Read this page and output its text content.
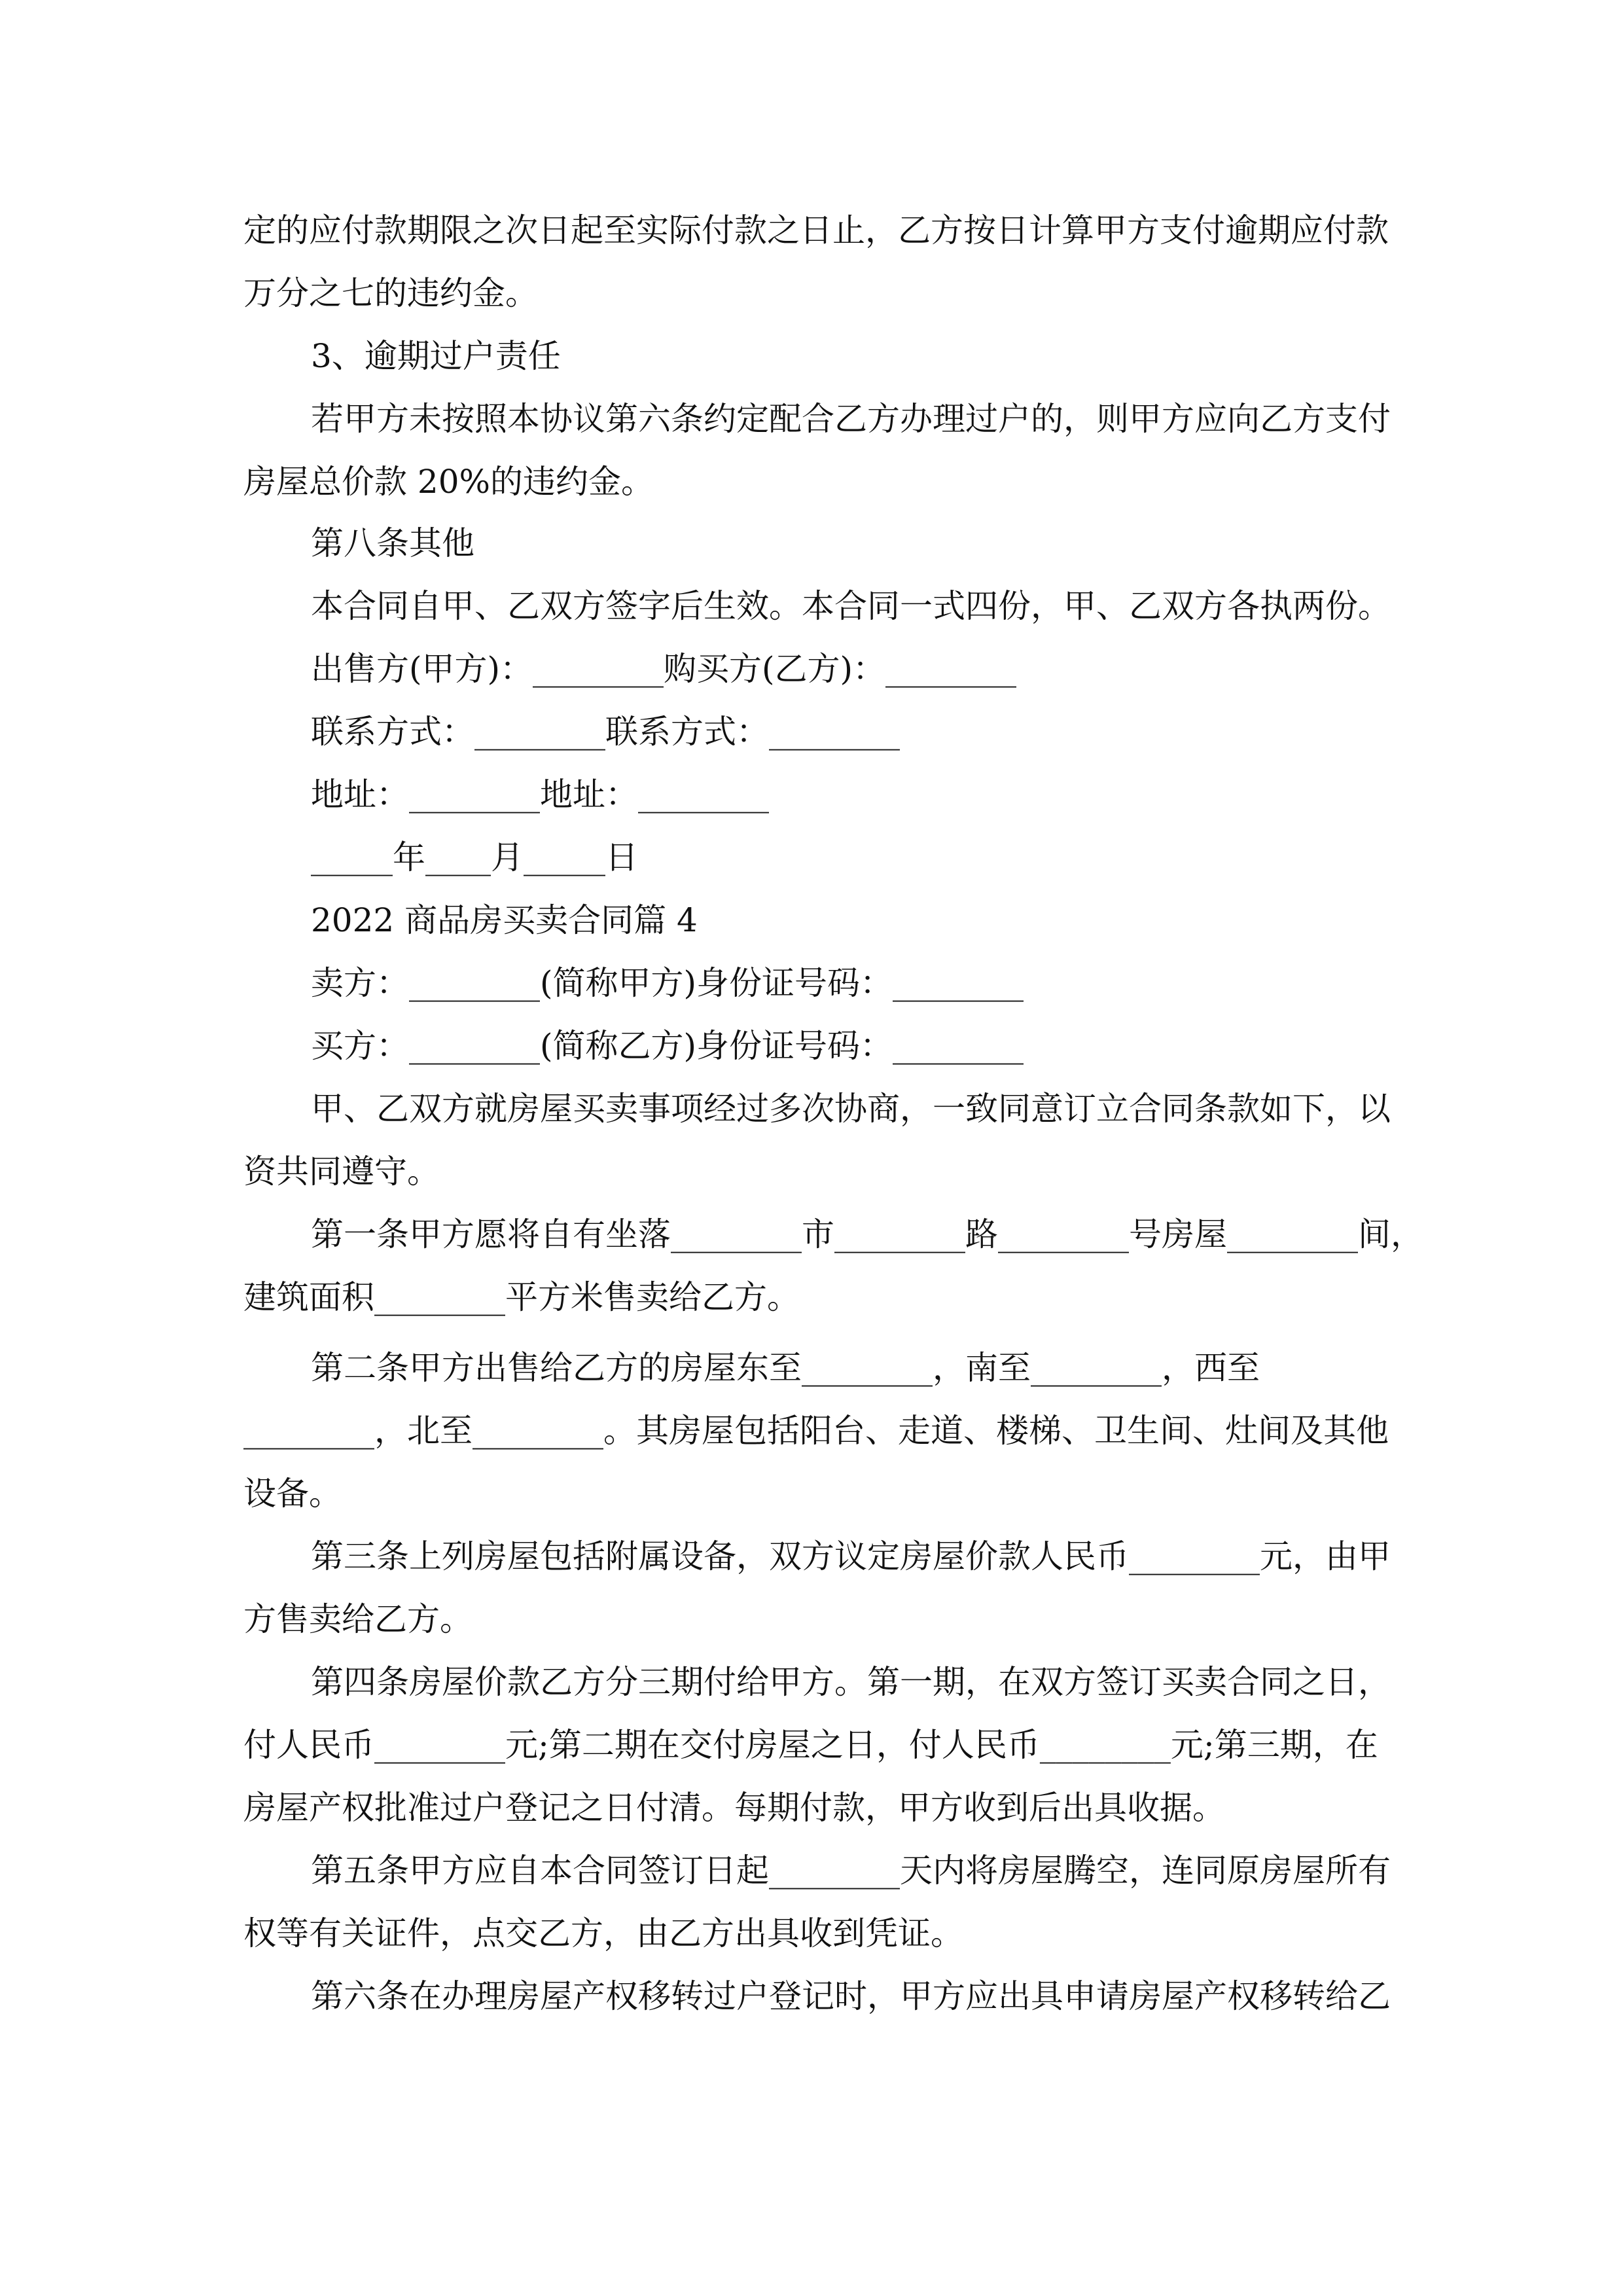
定的应付款期限之次日起至实际付款之日止，乙方按日计算甲方支付逾期应付款

万分之七的违约金。

3、逾期过户责任

若甲方未按照本协议第六条约定配合乙方办理过户的，则甲方应向乙方支付

房屋总价款 20%的违约金。

第八条其他

本合同自甲、乙双方签字后生效。本合同一式四份，甲、乙双方各执两份。

出售方(甲方)：________购买方(乙方)：________

联系方式：________联系方式：________

地址：________地址：________

_____年____月_____日

2022 商品房买卖合同篇 4

卖方：________(简称甲方)身份证号码：________

买方：________(简称乙方)身份证号码：________

甲、乙双方就房屋买卖事项经过多次协商，一致同意订立合同条款如下，以

资共同遵守。

第一条甲方愿将自有坐落________市________路________号房屋________间，

建筑面积________平方米售卖给乙方。

第二条甲方出售给乙方的房屋东至________，南至________，西至

________，北至________。其房屋包括阳台、走道、楼梯、卫生间、灶间及其他

设备。

第三条上列房屋包括附属设备，双方议定房屋价款人民币________元，由甲

方售卖给乙方。

第四条房屋价款乙方分三期付给甲方。第一期，在双方签订买卖合同之日，

付人民币________元;第二期在交付房屋之日，付人民币________元;第三期，在

房屋产权批准过户登记之日付清。每期付款，甲方收到后出具收据。

第五条甲方应自本合同签订日起________天内将房屋腾空，连同原房屋所有

权等有关证件，点交乙方，由乙方出具收到凭证。

第六条在办理房屋产权移转过户登记时，甲方应出具申请房屋产权移转给乙
